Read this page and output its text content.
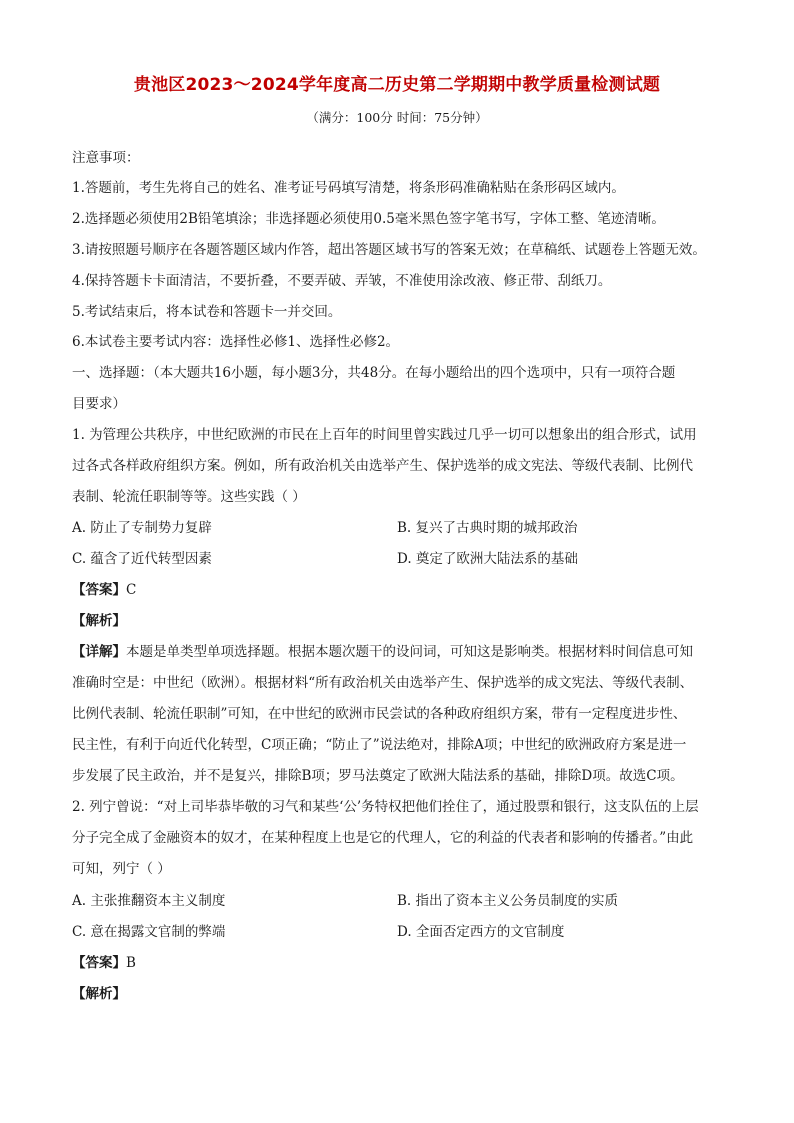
贵池区2023～2024学年度高二历史第二学期期中教学质量检测试题
（满分：100分 时间：75分钟）
注意事项：
1.答题前，考生先将自己的姓名、准考证号码填写清楚，将条形码准确粘贴在条形码区域内。
2.选择题必须使用2B铅笔填涂；非选择题必须使用0.5毫米黑色签字笔书写，字体工整、笔迹清晰。
3.请按照题号顺序在各题答题区域内作答，超出答题区域书写的答案无效；在草稿纸、试题卷上答题无效。
4.保持答题卡卡面清洁，不要折叠，不要弄破、弄皱，不准使用涂改液、修正带、刮纸刀。
5.考试结束后，将本试卷和答题卡一并交回。
6.本试卷主要考试内容：选择性必修1、选择性必修2。
一、选择题：（本大题共16小题，每小题3分，共48分。在每小题给出的四个选项中，只有一项符合题
目要求）
1. 为管理公共秩序，中世纪欧洲的市民在上百年的时间里曾实践过几乎一切可以想象出的组合形式，试用
过各式各样政府组织方案。例如，所有政治机关由选举产生、保护选举的成文宪法、等级代表制、比例代
表制、轮流任职制等等。这些实践（ ）
A. 防止了专制势力复辟	B. 复兴了古典时期的城邦政治
C. 蕴含了近代转型因素	D. 奠定了欧洲大陆法系的基础
【答案】C
【解析】
【详解】本题是单类型单项选择题。根据本题次题干的设问词，可知这是影响类。根据材料时间信息可知
准确时空是：中世纪（欧洲）。根据材料“所有政治机关由选举产生、保护选举的成文宪法、等级代表制、
比例代表制、轮流任职制”可知，在中世纪的欧洲市民尝试的各种政府组织方案，带有一定程度进步性、
民主性，有利于向近代化转型，C项正确；“防止了”说法绝对，排除A项；中世纪的欧洲政府方案是进一
步发展了民主政治，并不是复兴，排除B项；罗马法奠定了欧洲大陆法系的基础，排除D项。故选C项。
2. 列宁曾说：“对上司毕恭毕敬的习气和某些‘公’务特权把他们拴住了，通过股票和银行，这支队伍的上层
分子完全成了金融资本的奴才，在某种程度上也是它的代理人，它的利益的代表者和影响的传播者。”由此
可知，列宁（ ）
A. 主张推翻资本主义制度	B. 指出了资本主义公务员制度的实质
C. 意在揭露文官制的弊端	D. 全面否定西方的文官制度
【答案】B
【解析】
